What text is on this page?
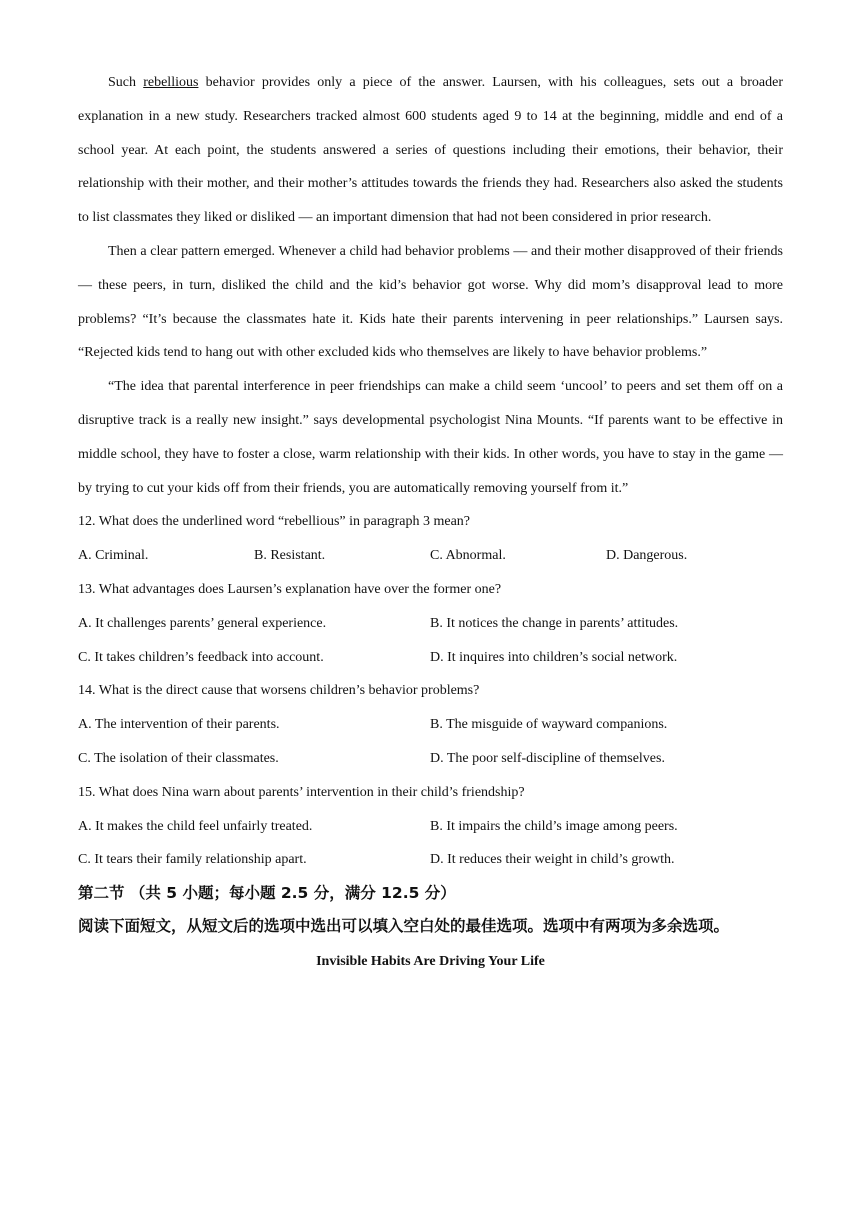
Such rebellious behavior provides only a piece of the answer. Laursen, with his colleagues, sets out a broader explanation in a new study. Researchers tracked almost 600 students aged 9 to 14 at the beginning, middle and end of a school year. At each point, the students answered a series of questions including their emotions, their behavior, their relationship with their mother, and their mother’s attitudes towards the friends they had. Researchers also asked the students to list classmates they liked or disliked — an important dimension that had not been considered in prior research.

Then a clear pattern emerged. Whenever a child had behavior problems — and their mother disapproved of their friends — these peers, in turn, disliked the child and the kid’s behavior got worse. Why did mom’s disapproval lead to more problems? “It’s because the classmates hate it. Kids hate their parents intervening in peer relationships.” Laursen says. “Rejected kids tend to hang out with other excluded kids who themselves are likely to have behavior problems.”

“The idea that parental interference in peer friendships can make a child seem ‘uncool’ to peers and set them off on a disruptive track is a really new insight.” says developmental psychologist Nina Mounts. “If parents want to be effective in middle school, they have to foster a close, warm relationship with their kids. In other words, you have to stay in the game — by trying to cut your kids off from their friends, you are automatically removing yourself from it.”

12. What does the underlined word “rebellious” in paragraph 3 mean?

A. Criminal.	B. Resistant.	C. Abnormal.	D. Dangerous.

13. What advantages does Laursen’s explanation have over the former one?

A. It challenges parents’ general experience.	B. It notices the change in parents’ attitudes.
C. It takes children’s feedback into account.	D. It inquires into children’s social network.

14. What is the direct cause that worsens children’s behavior problems?

A. The intervention of their parents.	B. The misguide of wayward companions.
C. The isolation of their classmates.	D. The poor self-discipline of themselves.

15. What does Nina warn about parents’ intervention in their child’s friendship?

A. It makes the child feel unfairly treated.	B. It impairs the child’s image among peers.
C. It tears their family relationship apart.	D. It reduces their weight in child’s growth.

第二节 （共 5 小题；每小题 2.5 分，满分 12.5 分）

阅读下面短文，从短文后的选项中选出可以填入空白处的最佳选项。选项中有两项为多余选项。

Invisible Habits Are Driving Your Life
